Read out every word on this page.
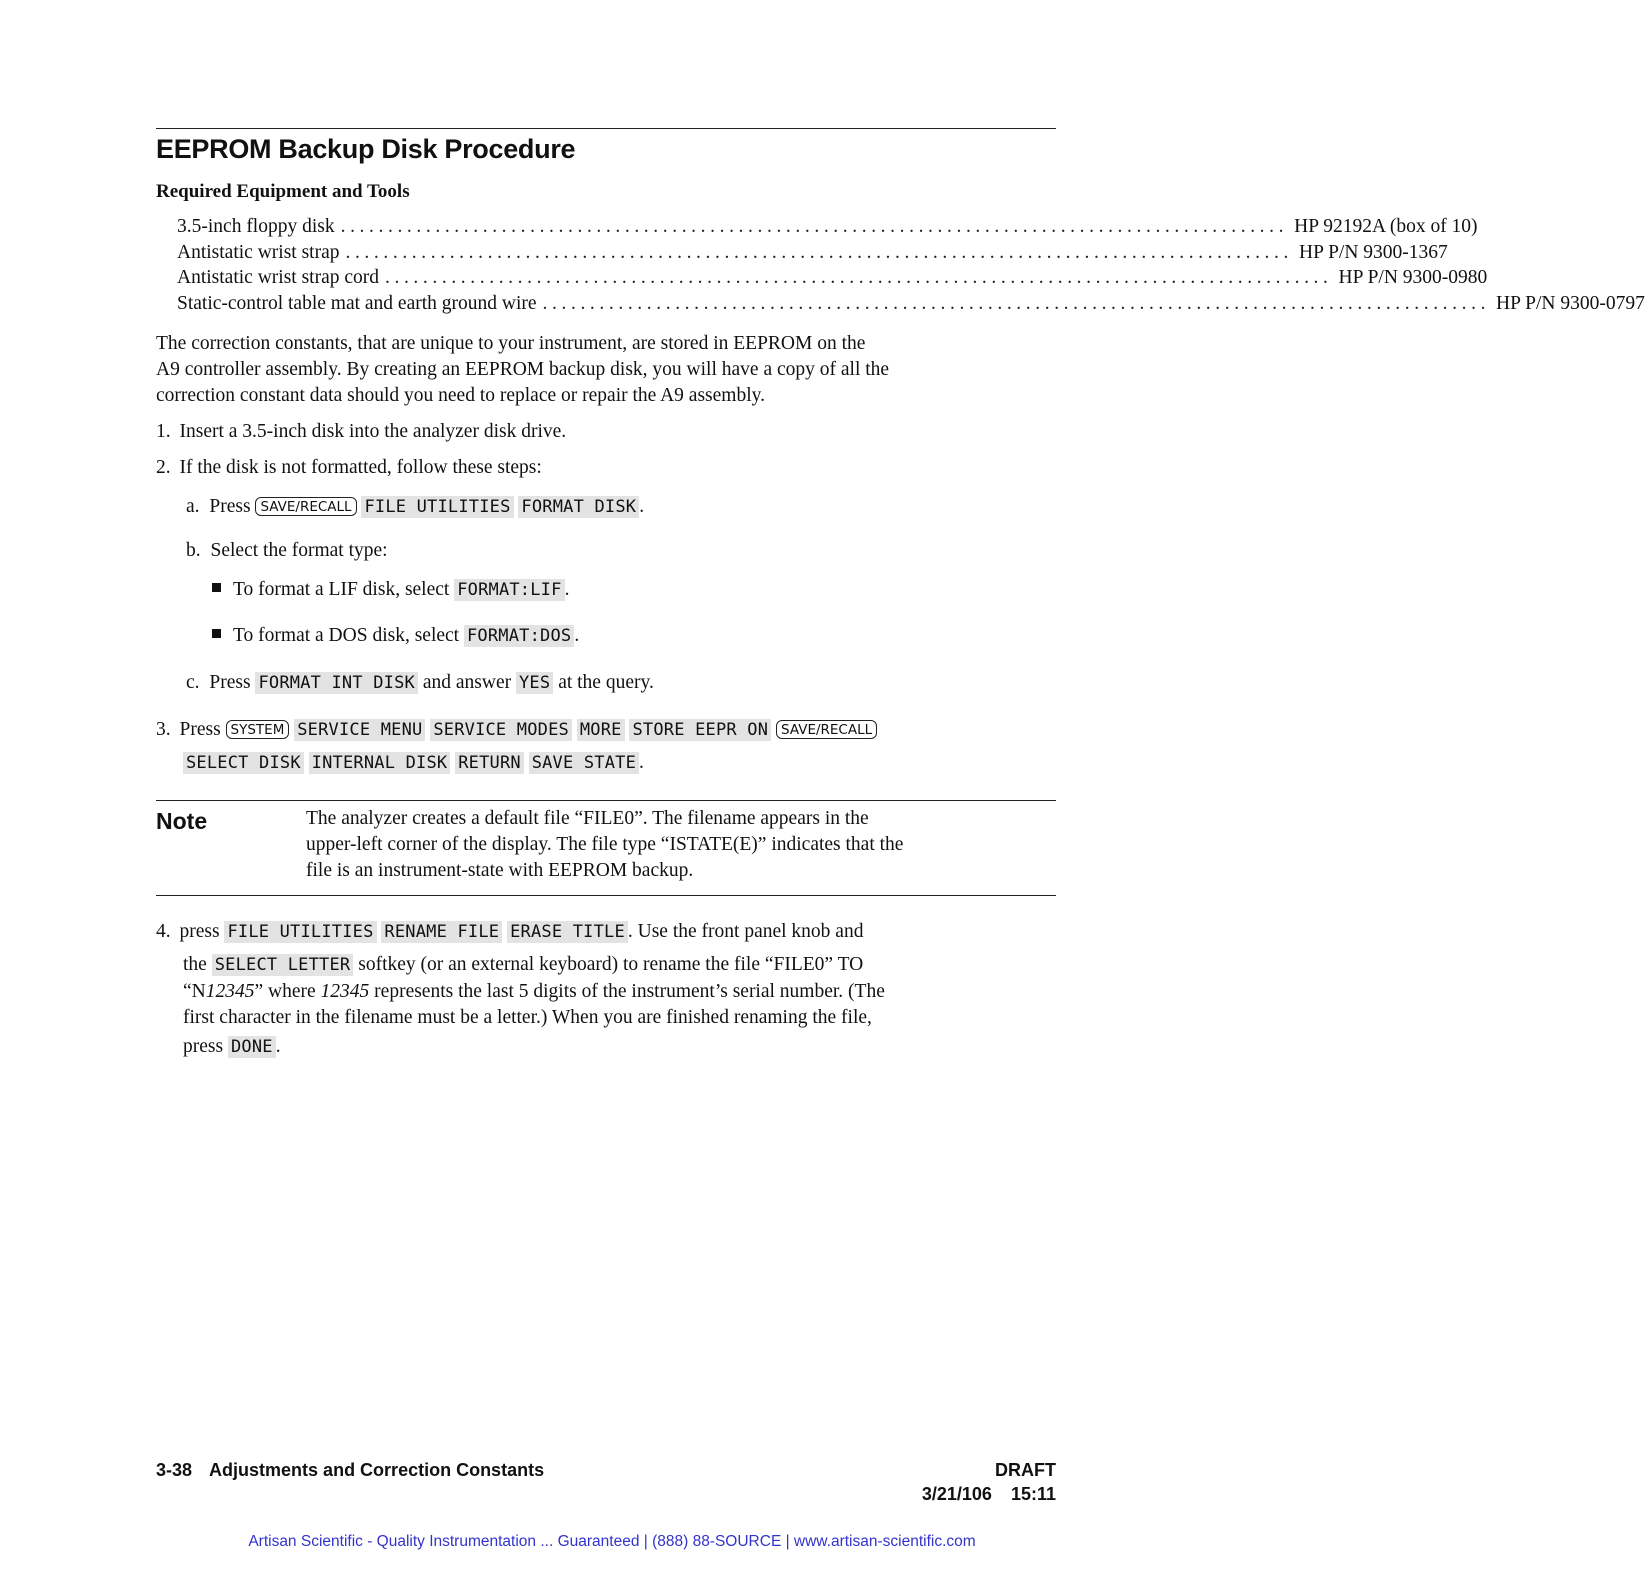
EEPROM Backup Disk Procedure
Required Equipment and Tools
3.5-inch floppy disk .................................................................................................... HP 92192A (box of 10)
Antistatic wrist strap .................................................................................................... HP P/N 9300-1367
Antistatic wrist strap cord .................................................................................................... HP P/N 9300-0980
Static-control table mat and earth ground wire .................................................................................................... HP P/N 9300-0797
The correction constants, that are unique to your instrument, are stored in EEPROM on the
A9 controller assembly. By creating an EEPROM backup disk, you will have a copy of all the
correction constant data should you need to replace or repair the A9 assembly.
1. Insert a 3.5-inch disk into the analyzer disk drive.
2. If the disk is not formatted, follow these steps:
a. Press SAVE/RECALL FILE UTILITIES FORMAT DISK .
b. Select the format type:
To format a LIF disk, select FORMAT:LIF .
To format a DOS disk, select FORMAT:DOS .
c. Press FORMAT INT DISK and answer YES at the query.
3. Press SYSTEM SERVICE MENU SERVICE MODES MORE STORE EEPR ON SAVE/RECALL
SELECT DISK INTERNAL DISK RETURN SAVE STATE .
Note	The analyzer creates a default file “FILE0”. The filename appears in the
upper-left corner of the display. The file type “ISTATE(E)” indicates that the
file is an instrument-state with EEPROM backup.
4. press FILE UTILITIES RENAME FILE ERASE TITLE . Use the front panel knob and
the SELECT LETTER softkey (or an external keyboard) to rename the file “FILE0” TO
“N12345” where 12345 represents the last 5 digits of the instrument’s serial number. (The
first character in the filename must be a letter.) When you are finished renaming the file,
press DONE .
3-38 Adjustments and Correction Constants	DRAFT
3/21/106 15:11
Artisan Scientific - Quality Instrumentation ... Guaranteed | (888) 88-SOURCE | www.artisan-scientific.com
